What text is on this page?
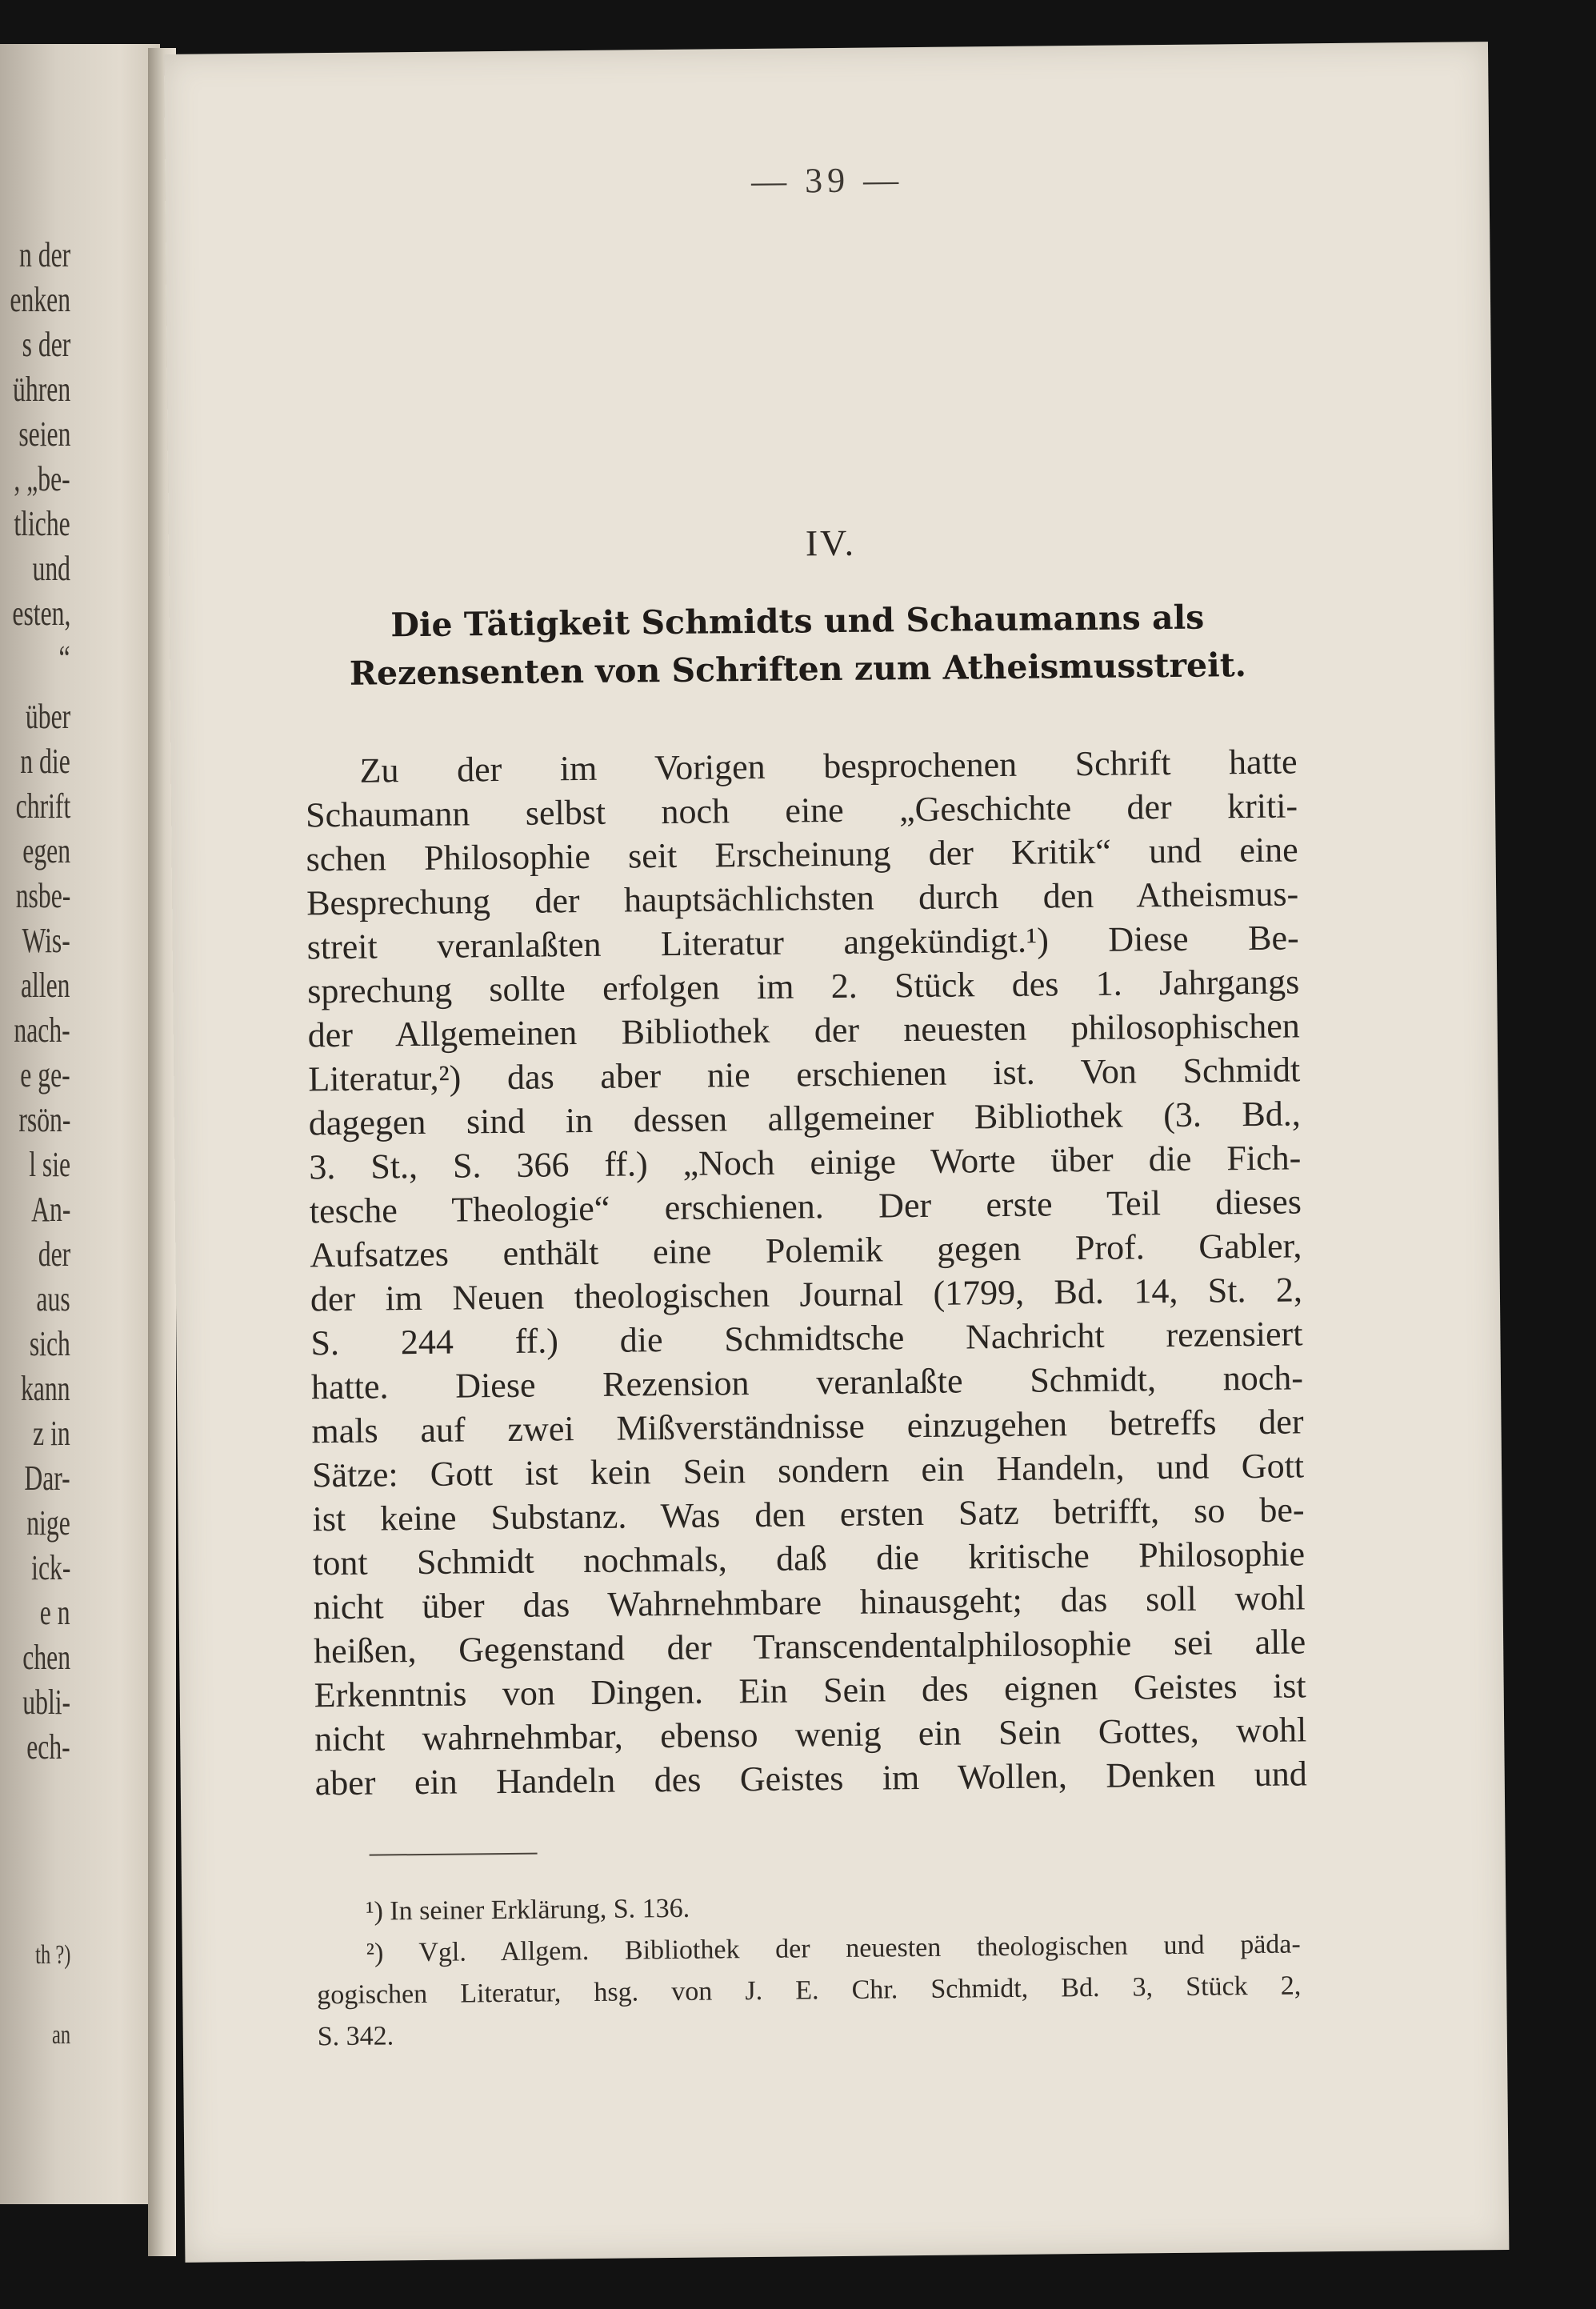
n der
enken
s der
ühren
seien
, „be-
tliche
und
esten,
“
über
n die
chrift
egen
nsbe-
Wis-
allen
nach-
e ge-
rsön-
l sie
An-
der
aus
sich
kann
z in
Dar-
nige
ick-
e n
chen
ubli-
ech-
th ?)
an
— 39 —
IV.
Die Tätigkeit Schmidts und Schaumanns als
Rezensenten von Schriften zum Atheismusstreit.
Zu der im Vorigen besprochenen Schrift hatte
Schaumann selbst noch eine „Geschichte der kriti-
schen Philosophie seit Erscheinung der Kritik“ und eine
Besprechung der hauptsächlichsten durch den Atheismus-
streit veranlaßten Literatur angekündigt.¹) Diese Be-
sprechung sollte erfolgen im 2. Stück des 1. Jahrgangs
der Allgemeinen Bibliothek der neuesten philosophischen
Literatur,²) das aber nie erschienen ist. Von Schmidt
dagegen sind in dessen allgemeiner Bibliothek (3. Bd.,
3. St., S. 366 ff.) „Noch einige Worte über die Fich-
tesche Theologie“ erschienen. Der erste Teil dieses
Aufsatzes enthält eine Polemik gegen Prof. Gabler,
der im Neuen theologischen Journal (1799, Bd. 14, St. 2,
S. 244 ff.) die Schmidtsche Nachricht rezensiert
hatte. Diese Rezension veranlaßte Schmidt, noch-
mals auf zwei Mißverständnisse einzugehen betreffs der
Sätze: Gott ist kein Sein sondern ein Handeln, und Gott
ist keine Substanz. Was den ersten Satz betrifft, so be-
tont Schmidt nochmals, daß die kritische Philosophie
nicht über das Wahrnehmbare hinausgeht; das soll wohl
heißen, Gegenstand der Transcendentalphilosophie sei alle
Erkenntnis von Dingen. Ein Sein des eignen Geistes ist
nicht wahrnehmbar, ebenso wenig ein Sein Gottes, wohl
aber ein Handeln des Geistes im Wollen, Denken und
¹) In seiner Erklärung, S. 136.
²) Vgl. Allgem. Bibliothek der neuesten theologischen und päda-
gogischen Literatur, hsg. von J. E. Chr. Schmidt, Bd. 3, Stück 2,
S. 342.
